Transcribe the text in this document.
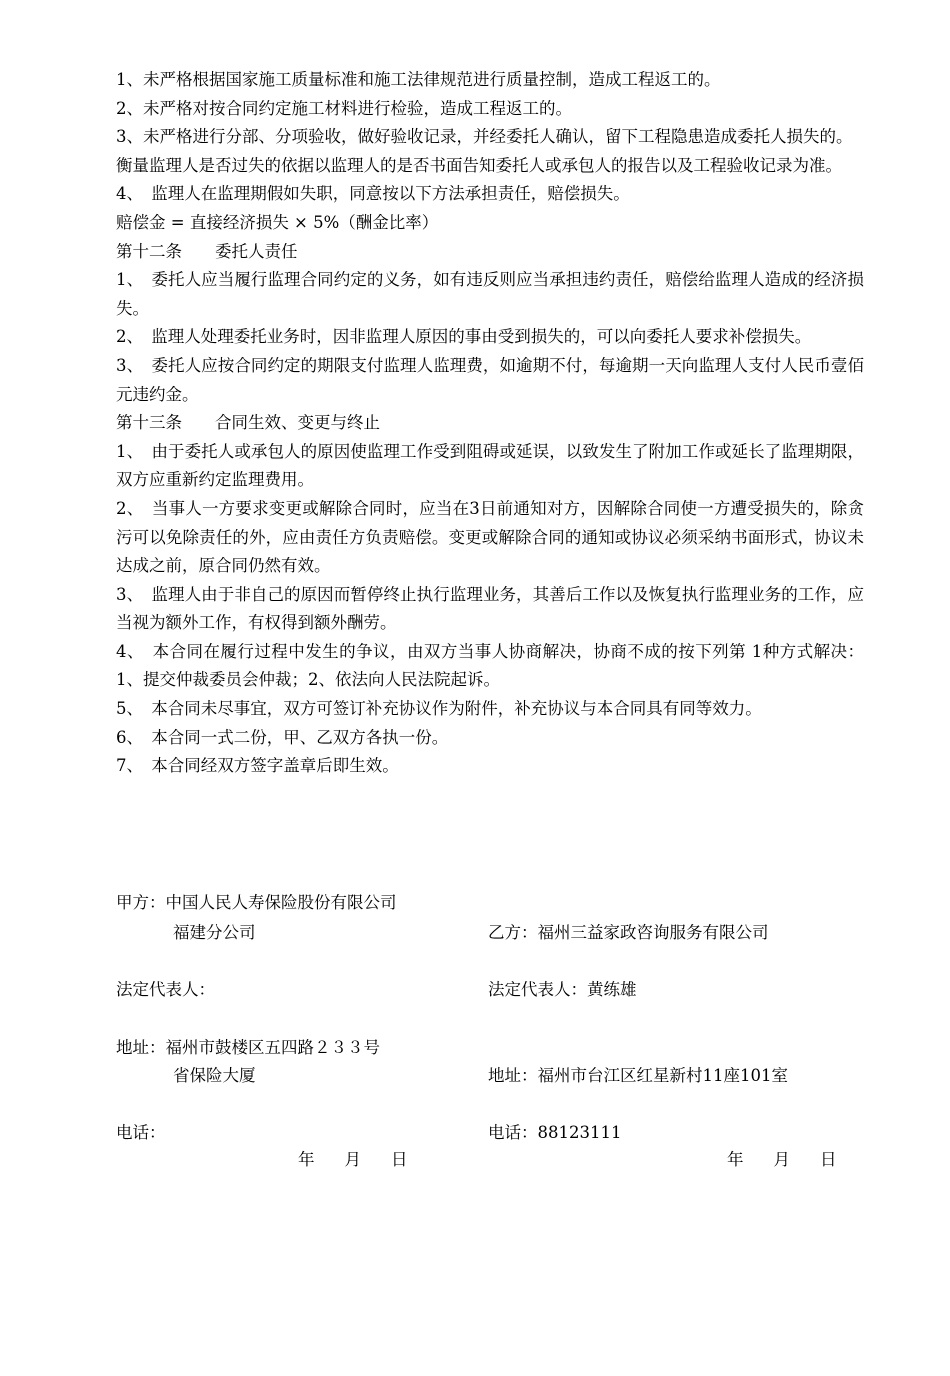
1、未严格根据国家施工质量标准和施工法律规范进行质量控制，造成工程返工的。

2、未严格对按合同约定施工材料进行检验，造成工程返工的。

3、未严格进行分部、分项验收，做好验收记录，并经委托人确认，留下工程隐患造成委托人损失的。

衡量监理人是否过失的依据以监理人的是否书面告知委托人或承包人的报告以及工程验收记录为准。

4、　监理人在监理期假如失职，同意按以下方法承担责任，赔偿损失。

赔偿金 = 直接经济损失 × 5%（酬金比率）

第十二条　　委托人责任

1、　委托人应当履行监理合同约定的义务，如有违反则应当承担违约责任，赔偿给监理人造成的经济损失。

2、　监理人处理委托业务时，因非监理人原因的事由受到损失的，可以向委托人要求补偿损失。

3、　委托人应按合同约定的期限支付监理人监理费，如逾期不付，每逾期一天向监理人支付人民币壹佰元违约金。

第十三条　　合同生效、变更与终止

1、　由于委托人或承包人的原因使监理工作受到阻碍或延误，以致发生了附加工作或延长了监理期限，双方应重新约定监理费用。

2、　当事人一方要求变更或解除合同时，应当在3日前通知对方，因解除合同使一方遭受损失的，除贪污可以免除责任的外，应由责任方负责赔偿。变更或解除合同的通知或协议必须采纳书面形式，协议未达成之前，原合同仍然有效。

3、　监理人由于非自己的原因而暂停终止执行监理业务，其善后工作以及恢复执行监理业务的工作，应当视为额外工作，有权得到额外酬劳。

4、　本合同在履行过程中发生的争议，由双方当事人协商解决，协商不成的按下列第 1种方式解决：1、提交仲裁委员会仲裁；2、依法向人民法院起诉。

5、　本合同未尽事宜，双方可签订补充协议作为附件，补充协议与本合同具有同等效力。

6、　本合同一式二份，甲、乙双方各执一份。

7、　本合同经双方签字盖章后即生效。

甲方：中国人民人寿保险股份有限公司
福建分公司
法定代表人：
地址：福州市鼓楼区五四路２３３号
省保险大厦
电话：
年 月 日
乙方：福州三益家政咨询服务有限公司
法定代表人：黄练雄
地址：福州市台江区红星新村11座101室
电话：88123111
年 月 日
